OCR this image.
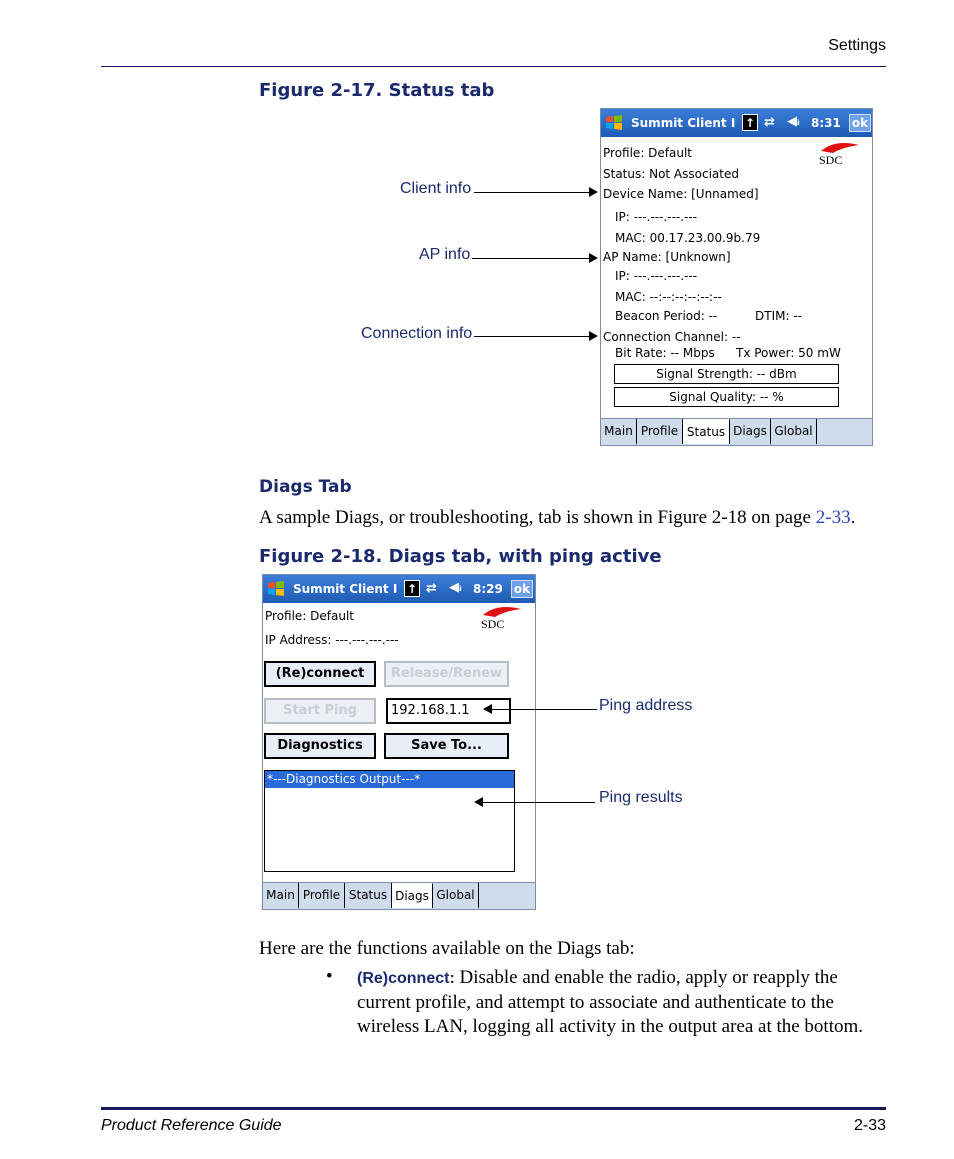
Settings
Figure 2-17. Status tab
Client info
AP info
Connection info
Summit Client I ↑ ⇄ ◀ᵢ 8:31 ok
SDC
Profile: Default
Status: Not Associated
Device Name: [Unnamed]
IP: ---.---.---.---
MAC: 00.17.23.00.9b.79
AP Name: [Unknown]
IP: ---.---.---.---
MAC: --:--:--:--:--:--
Beacon Period: --	DTIM: --
Connection Channel: --
Bit Rate: -- Mbps Tx Power: 50 mW
Signal Strength: -- dBm
Signal Quality: -- %
Main Profile Status Diags Global
Diags Tab
A sample Diags, or troubleshooting, tab is shown in Figure 2-18 on page 2-33.
Figure 2-18. Diags tab, with ping active
Summit Client I ↑ ⇄ ◀ᵢ 8:29 ok
SDC
Profile: Default
IP Address: ---.---.---.---
(Re)connect	Release/Renew
Start Ping	192.168.1.1
Diagnostics	Save To...
*---Diagnostics Output---*
Main Profile Status Diags Global
Ping address
Ping results
Here are the functions available on the Diags tab:
• (Re)connect: Disable and enable the radio, apply or reapply the
current profile, and attempt to associate and authenticate to the
wireless LAN, logging all activity in the output area at the bottom.
Product Reference Guide	2-33
